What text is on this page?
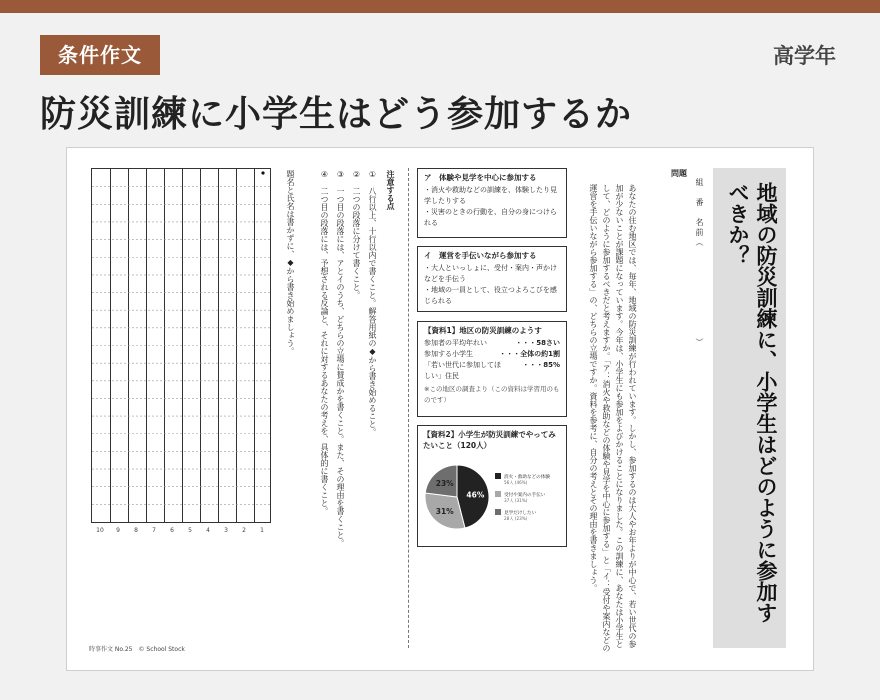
条件作文	高学年
防災訓練に小学生はどう参加するか
地域の防災訓練に、小学生はどのように参加すべきか？
組　番　名前（　　　　　　　　　）
問題
あなたの住む地区では、毎年、地域の防災訓練が行われています。しかし、参加するのは大人やお年よりが中心で、若い世代の参加が少ないことが課題になっています。今年は、小学生にも参加をよびかけることになりました。この訓練に、あなたは小学生として、どのように参加するべきだと考えますか。「ア：消火や救助などの体験や見学を中心に参加する」と「イ：受付や案内などの運営を手伝いながら参加する」の、どちらの立場ですか。資料を参考に、自分の考えとその理由を書きましょう。
ア　体験や見学を中心に参加する
・消火や救助などの訓練を、体験したり見学したりする
・災害のときの行動を、自分の身につけられる
イ　運営を手伝いながら参加する
・大人といっしょに、受付・案内・声かけなどを手伝う
・地域の一員として、役立つよろこびを感じられる
【資料1】地区の防災訓練のようす
参加者の平均年れい	・・・58さい
参加する小学生	・・・全体の約1割
「若い世代に参加してほしい」住民
・・・85%
※この地区の調査より（この資料は学習用のものです）
【資料2】小学生が防災訓練でやってみたいこと（120人）
46%
消火・救助などの体験
56人 (46%)
31%
受付や案内の手伝い
37人 (31%)
23%
見学だけしたい
28人 (23%)
注意する点
①　八行以上、十行以内で書くこと。解答用紙の◆から書き始めること。
②　二つの段落に分けて書くこと。
③　一つ目の段落には、アとイのうち、どちらの立場に賛成かを書くこと。また、その理由を書くこと。
④　二つ目の段落には、予想される反論と、それに対するあなたの考えを、具体的に書くこと。
題名と氏名は書かずに、◆から書き始めましょう。
1
2
3
4
5
6
7
8
9
10
時事作文 No.25　© School Stock
